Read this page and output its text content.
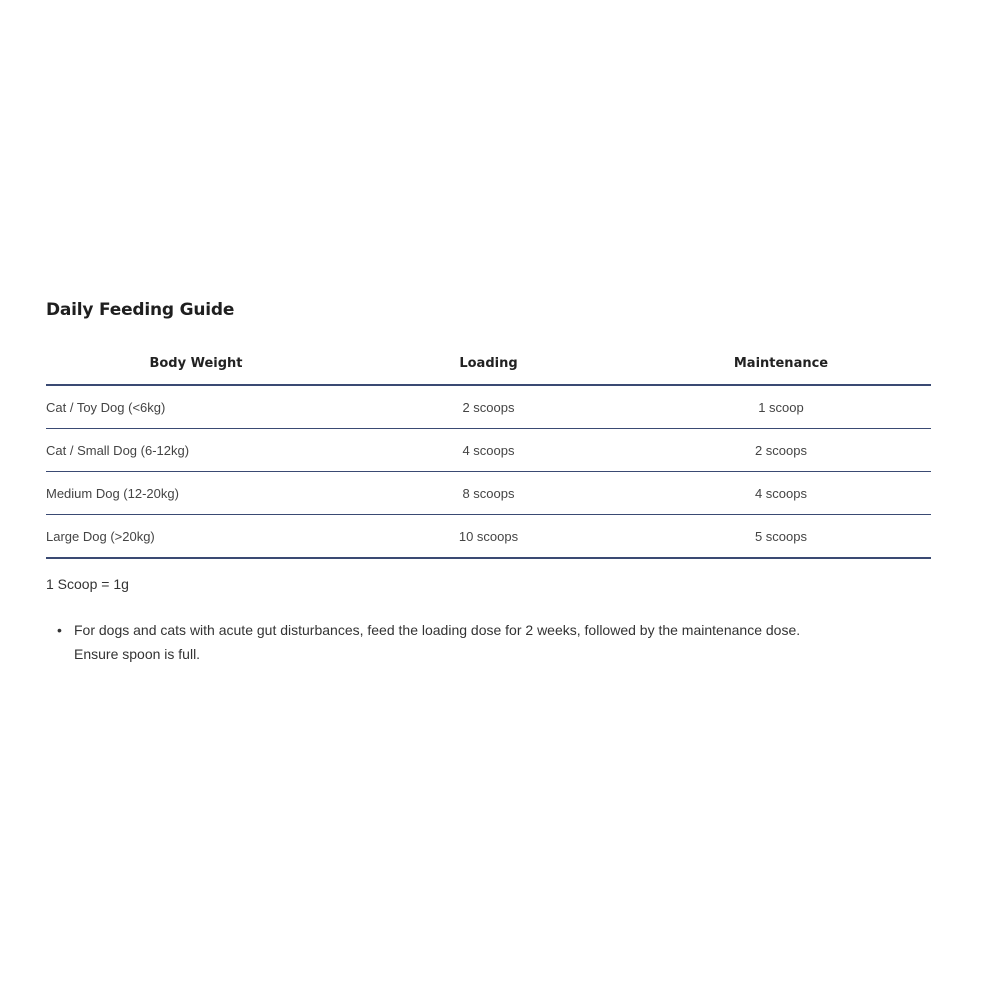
Daily Feeding Guide
Body Weight	Loading	Maintenance
Cat / Toy Dog (<6kg)	2 scoops	1 scoop
Cat / Small Dog (6-12kg)	4 scoops	2 scoops
Medium Dog (12-20kg)	8 scoops	4 scoops
Large Dog (>20kg)	10 scoops	5 scoops

1 Scoop = 1g

• For dogs and cats with acute gut disturbances, feed the loading dose for 2 weeks, followed by the maintenance dose.
Ensure spoon is full.
